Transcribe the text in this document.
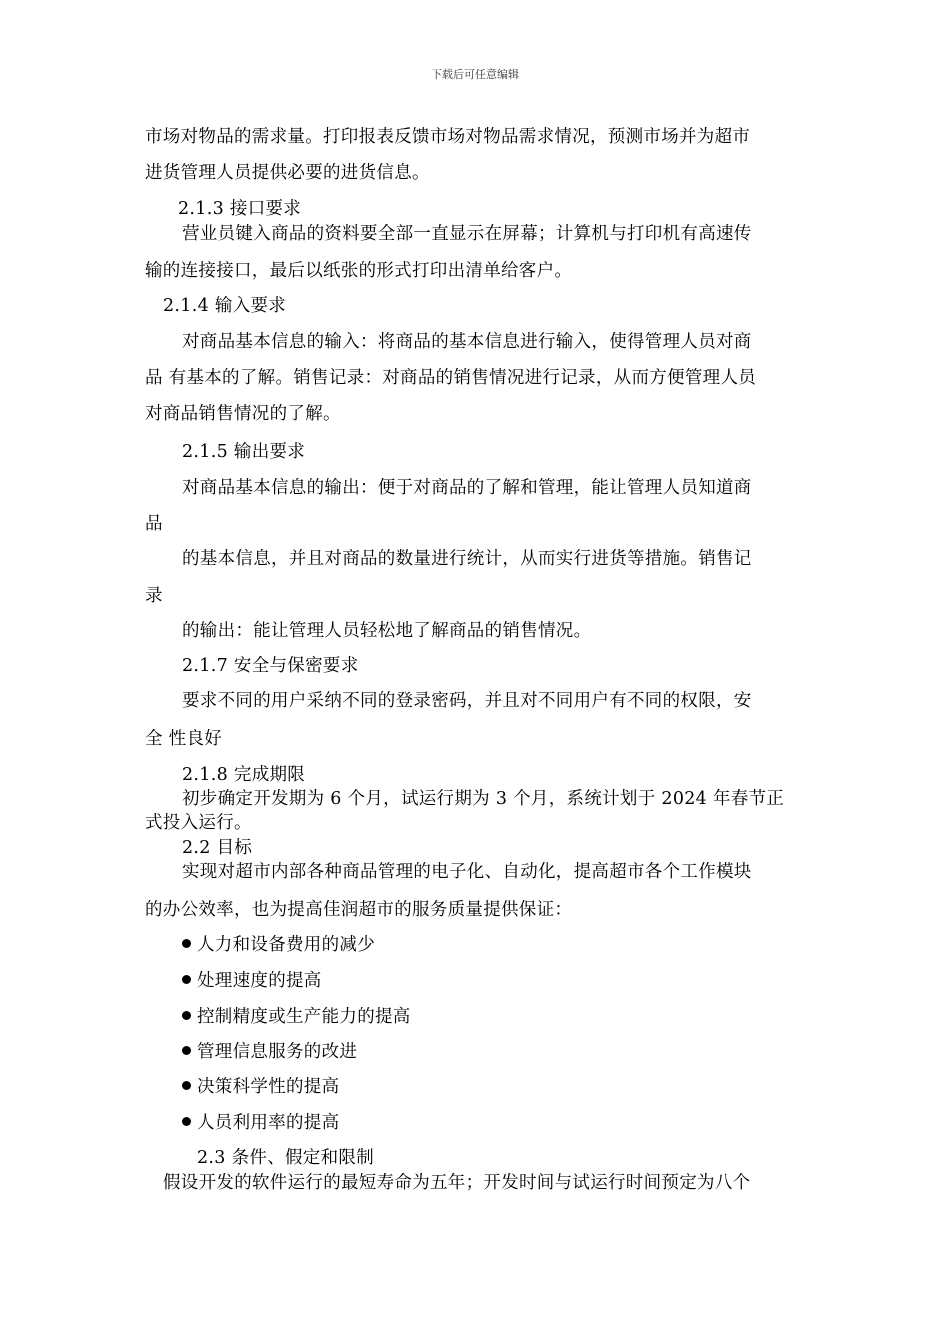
下载后可任意编辑
市场对物品的需求量。打印报表反馈市场对物品需求情况，预测市场并为超市
进货管理人员提供必要的进货信息。
2.1.3 接口要求
营业员键入商品的资料要全部一直显示在屏幕；计算机与打印机有高速传
输的连接接口，最后以纸张的形式打印出清单给客户。
2.1.4 输入要求
对商品基本信息的输入：将商品的基本信息进行输入，使得管理人员对商
品 有基本的了解。销售记录：对商品的销售情况进行记录，从而方便管理人员
对商品销售情况的了解。
2.1.5 输出要求
对商品基本信息的输出：便于对商品的了解和管理，能让管理人员知道商
品
的基本信息，并且对商品的数量进行统计，从而实行进货等措施。销售记
录
的输出：能让管理人员轻松地了解商品的销售情况。
2.1.7 安全与保密要求
要求不同的用户采纳不同的登录密码，并且对不同用户有不同的权限，安
全 性良好
2.1.8 完成期限
初步确定开发期为 6 个月，试运行期为 3 个月，系统计划于 2024 年春节正
式投入运行。
2.2 目标
实现对超市内部各种商品管理的电子化、自动化，提高超市各个工作模块
的办公效率，也为提高佳润超市的服务质量提供保证：
人力和设备费用的减少
处理速度的提高
控制精度或生产能力的提高
管理信息服务的改进
决策科学性的提高
人员利用率的提高
2.3 条件、假定和限制
假设开发的软件运行的最短寿命为五年；开发时间与试运行时间预定为八个
